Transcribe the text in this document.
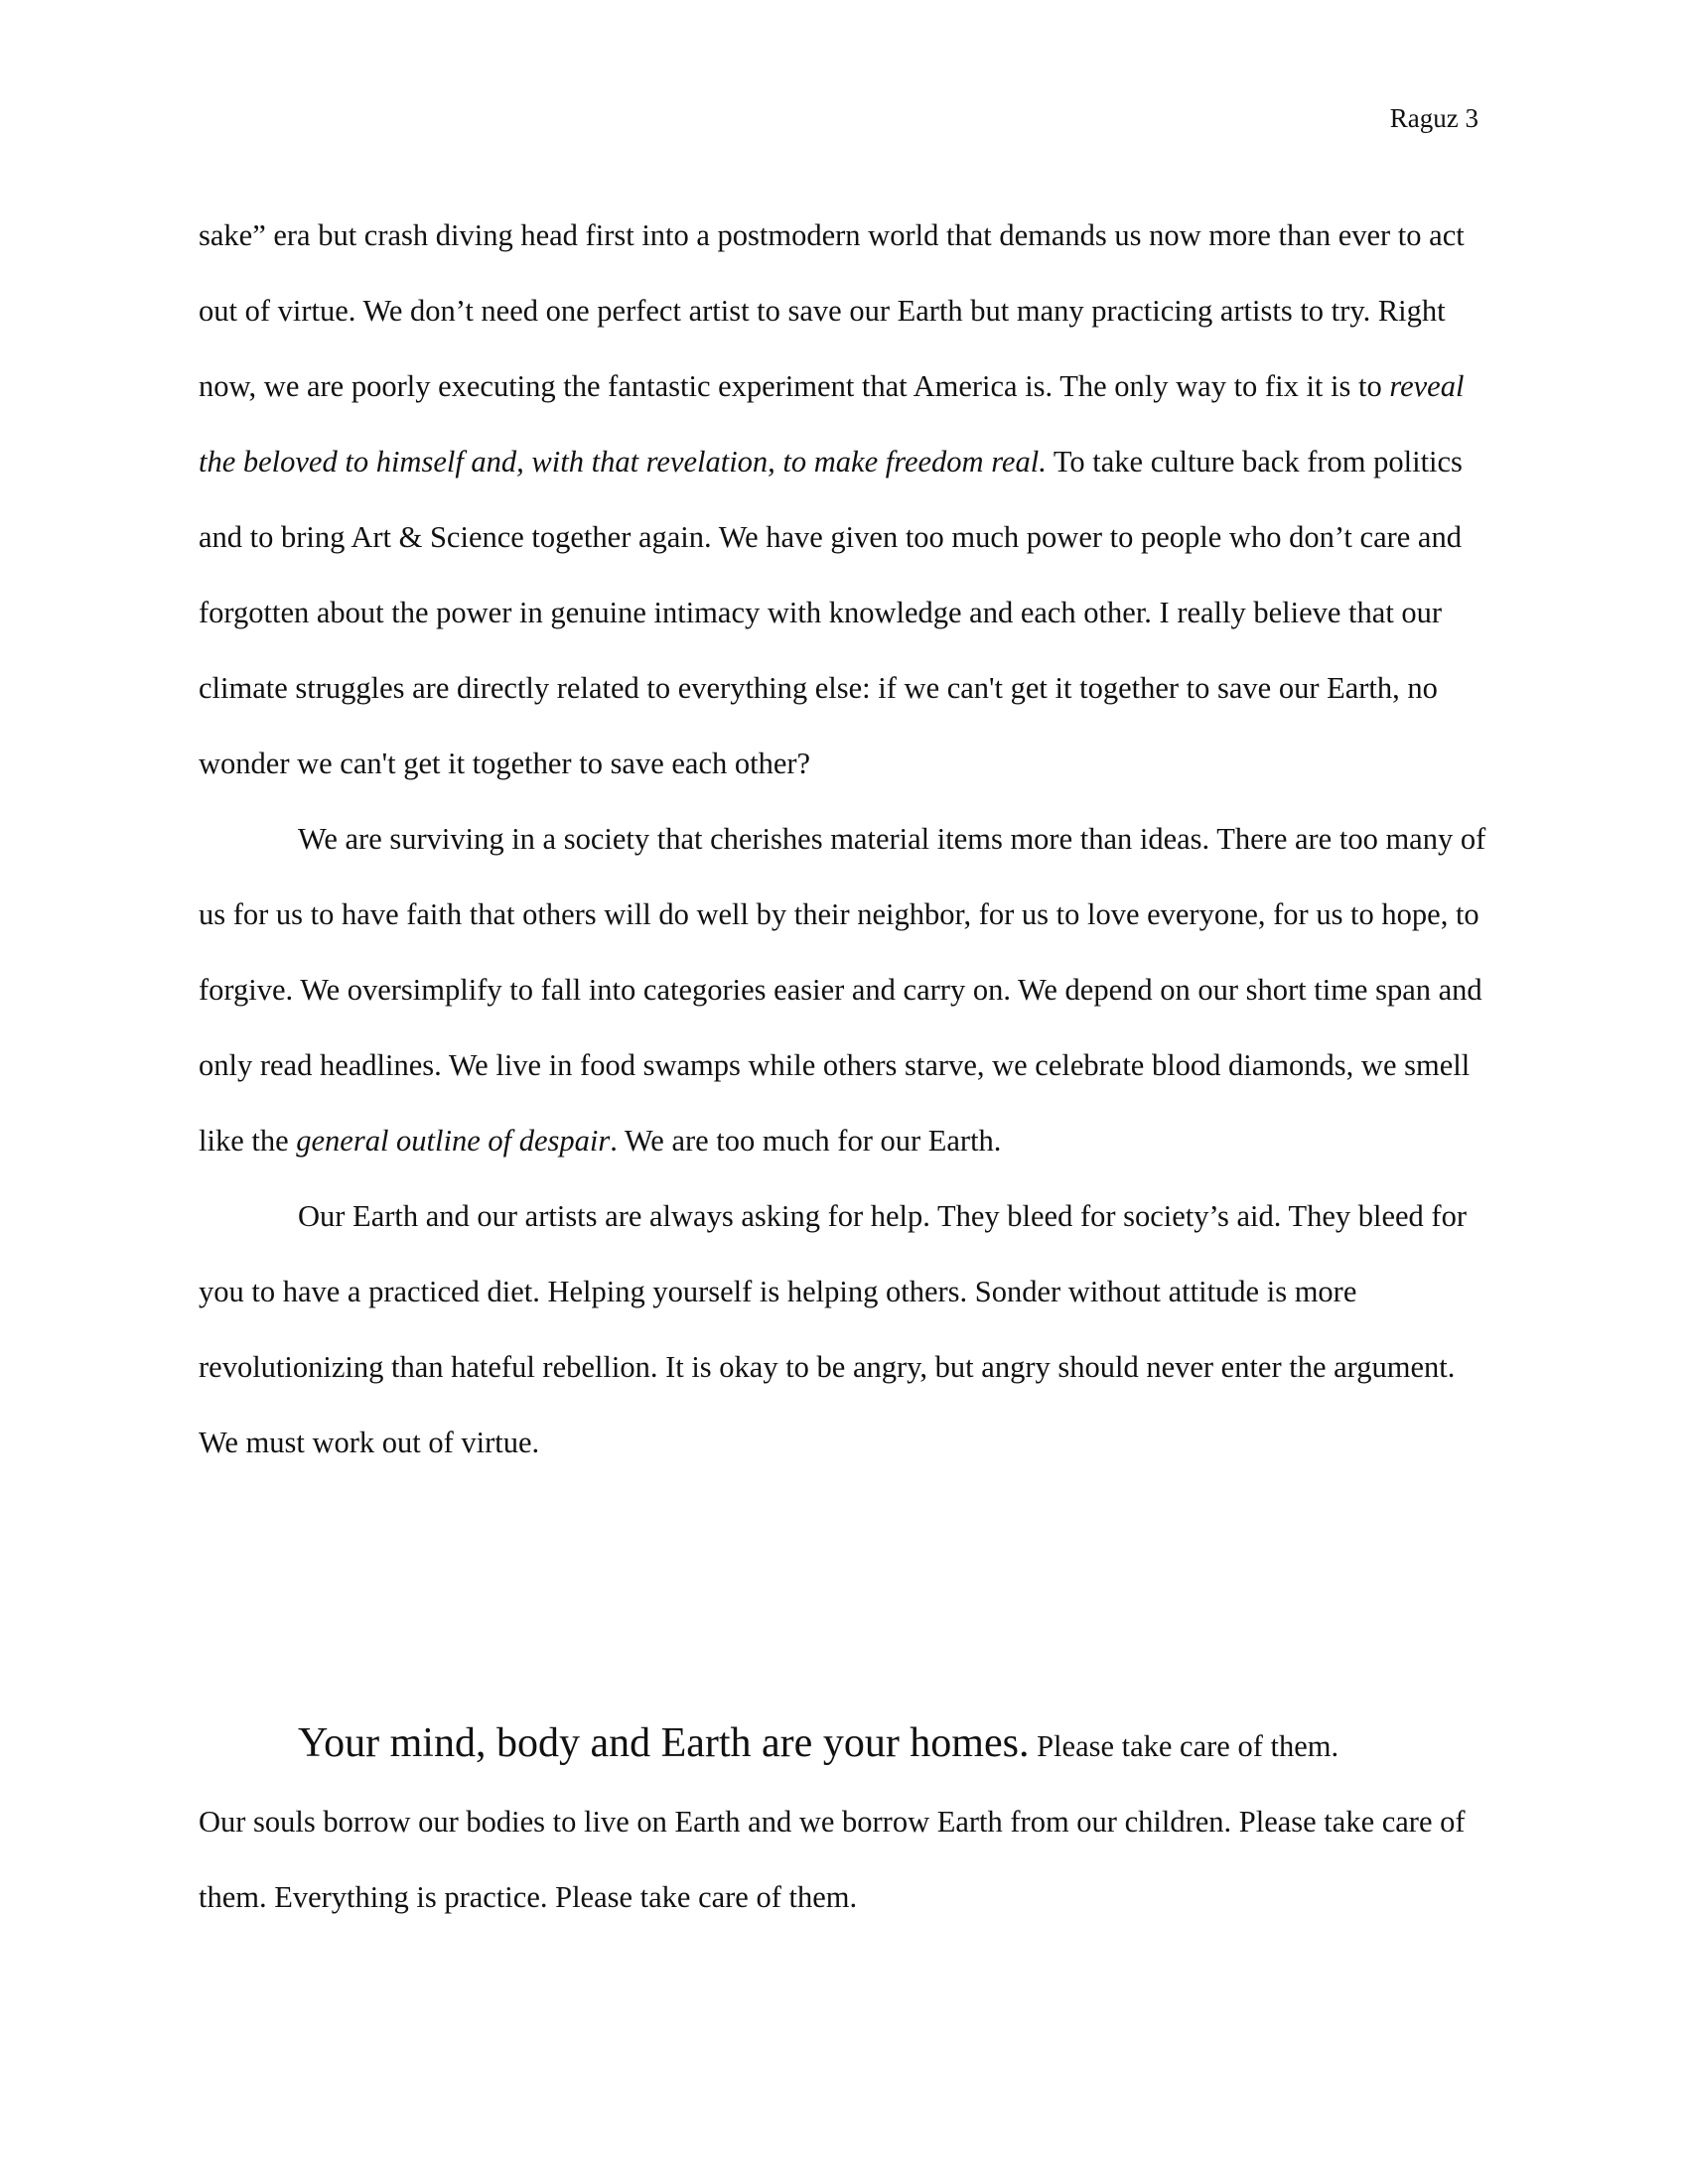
Raguz 3

sake” era but crash diving head first into a postmodern world that demands us now more than ever to act out of virtue. We don’t need one perfect artist to save our Earth but many practicing artists to try. Right now, we are poorly executing the fantastic experiment that America is. The only way to fix it is to reveal the beloved to himself and, with that revelation, to make freedom real. To take culture back from politics and to bring Art & Science together again. We have given too much power to people who don’t care and forgotten about the power in genuine intimacy with knowledge and each other. I really believe that our climate struggles are directly related to everything else: if we can't get it together to save our Earth, no wonder we can't get it together to save each other?

We are surviving in a society that cherishes material items more than ideas. There are too many of us for us to have faith that others will do well by their neighbor, for us to love everyone, for us to hope, to forgive. We oversimplify to fall into categories easier and carry on. We depend on our short time span and only read headlines. We live in food swamps while others starve, we celebrate blood diamonds, we smell like the general outline of despair. We are too much for our Earth.

Our Earth and our artists are always asking for help. They bleed for society’s aid. They bleed for you to have a practiced diet. Helping yourself is helping others. Sonder without attitude is more revolutionizing than hateful rebellion. It is okay to be angry, but angry should never enter the argument. We must work out of virtue.

Your mind, body and Earth are your homes. Please take care of them.

Our souls borrow our bodies to live on Earth and we borrow Earth from our children. Please take care of them. Everything is practice. Please take care of them.
